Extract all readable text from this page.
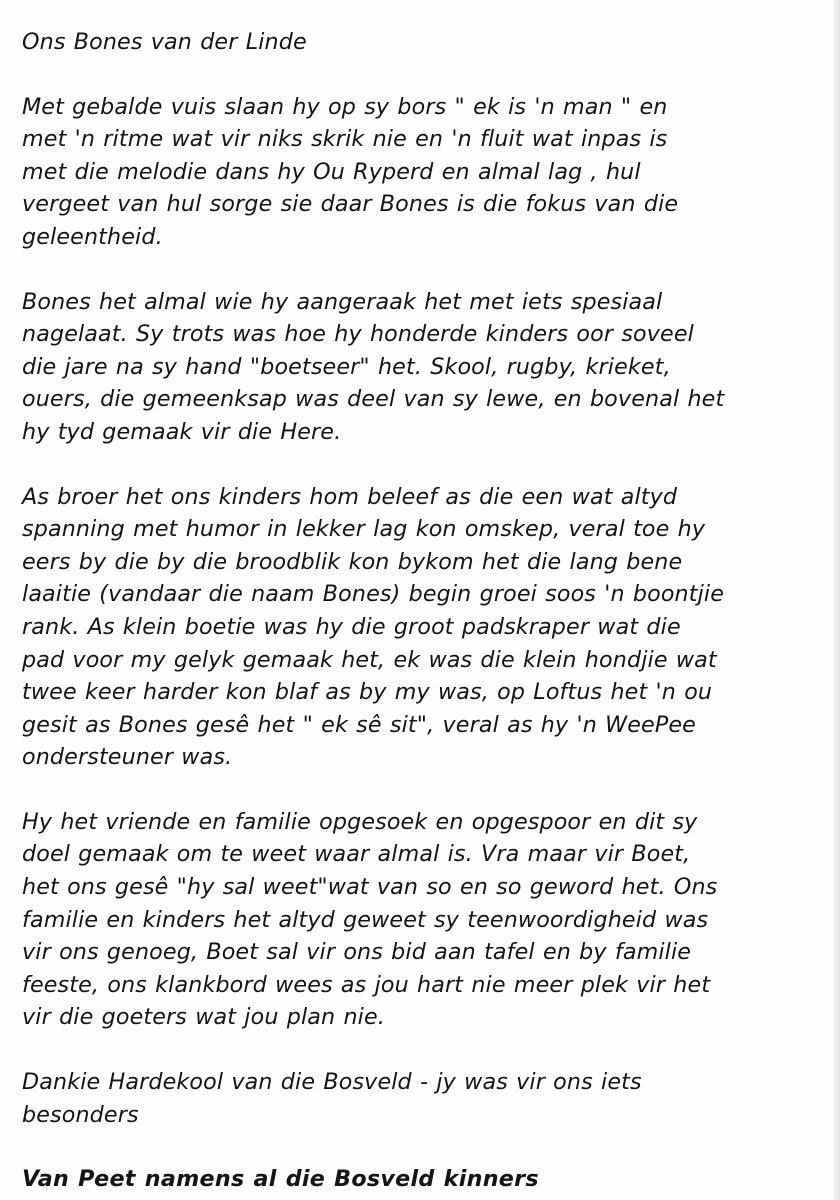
Ons Bones van der Linde
Met gebalde vuis slaan hy op sy bors " ek is 'n man " en
met 'n ritme wat vir niks skrik nie en 'n fluit wat inpas is
met die melodie dans hy Ou Ryperd en almal lag , hul
vergeet van hul sorge sie daar Bones is die fokus van die
geleentheid.
Bones het almal wie hy aangeraak het met iets spesiaal
nagelaat. Sy trots was hoe hy honderde kinders oor soveel
die jare na sy hand "boetseer" het. Skool, rugby, krieket,
ouers, die gemeenksap was deel van sy lewe, en bovenal het
hy tyd gemaak vir die Here.
As broer het ons kinders hom beleef as die een wat altyd
spanning met humor in lekker lag kon omskep, veral toe hy
eers by die by die broodblik kon bykom het die lang bene
laaitie (vandaar die naam Bones) begin groei soos 'n boontjie
rank. As klein boetie was hy die groot padskraper wat die
pad voor my gelyk gemaak het, ek was die klein hondjie wat
twee keer harder kon blaf as by my was, op Loftus het 'n ou
gesit as Bones gesê het " ek sê sit", veral as hy 'n WeePee
ondersteuner was.
Hy het vriende en familie opgesoek en opgespoor en dit sy
doel gemaak om te weet waar almal is. Vra maar vir Boet,
het ons gesê "hy sal weet"wat van so en so geword het. Ons
familie en kinders het altyd geweet sy teenwoordigheid was
vir ons genoeg, Boet sal vir ons bid aan tafel en by familie
feeste, ons klankbord wees as jou hart nie meer plek vir het
vir die goeters wat jou plan nie.
Dankie Hardekool van die Bosveld - jy was vir ons iets
besonders
Van Peet namens al die Bosveld kinners
